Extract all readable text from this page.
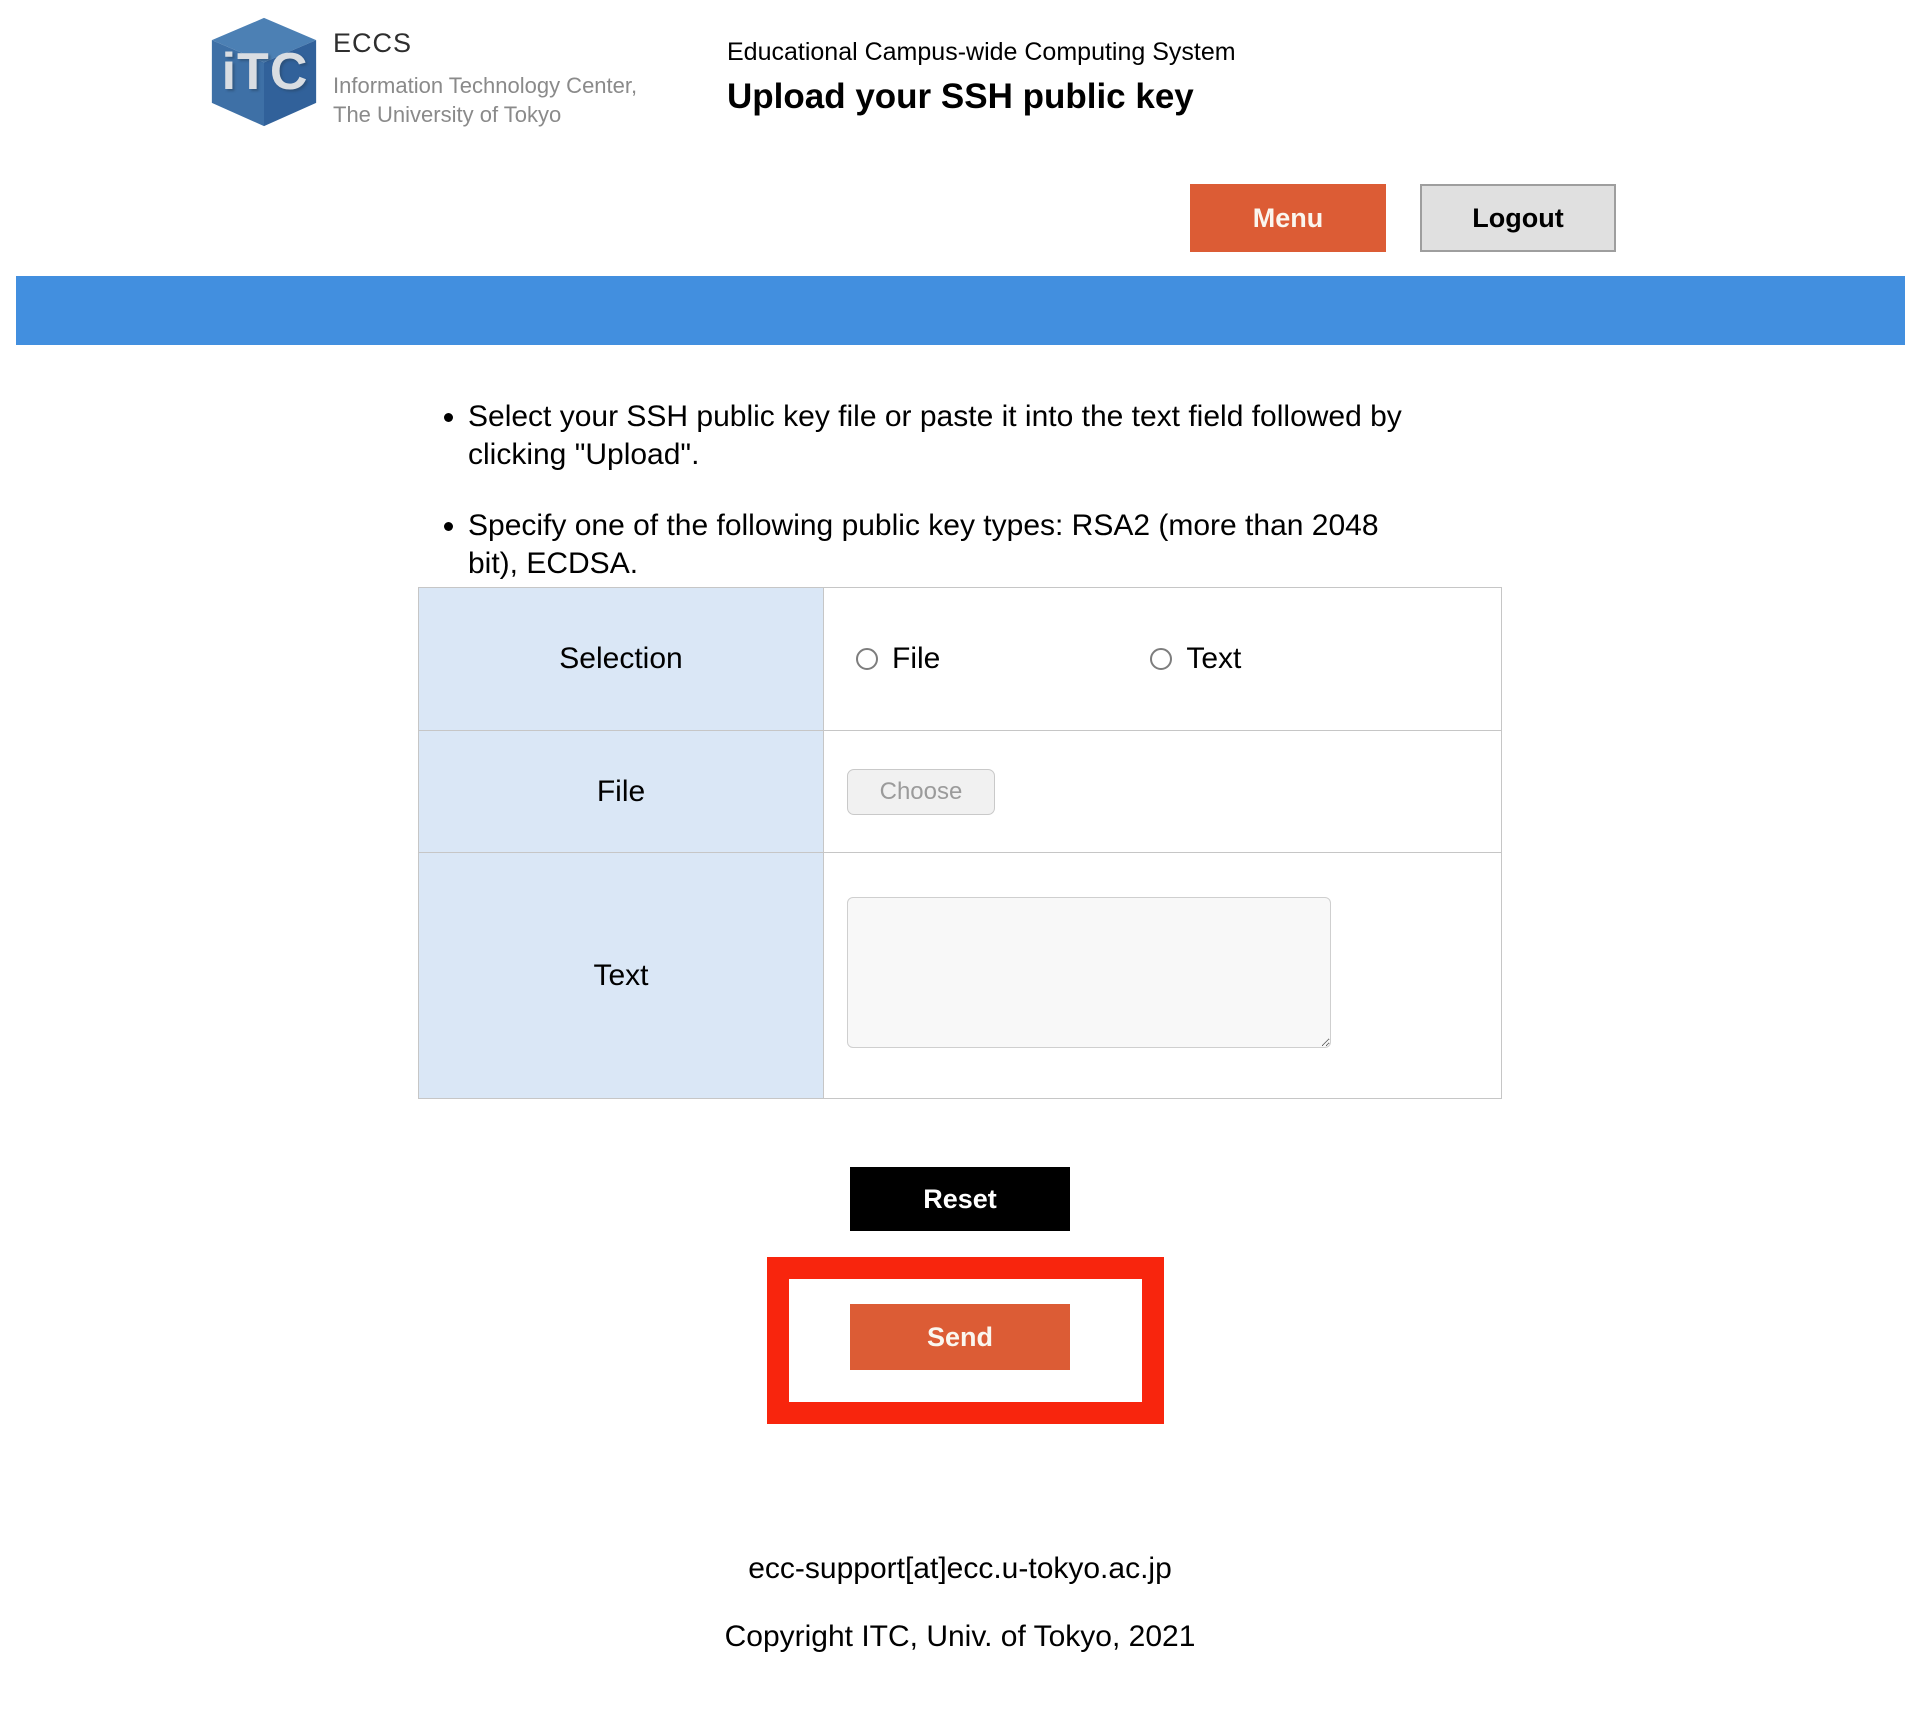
iTC ECCS
Information Technology Center,
The University of Tokyo
Educational Campus-wide Computing System
Upload your SSH public key
Menu	Logout
• Select your SSH public key file or paste it into the text field followed by
clicking "Upload".
• Specify one of the following public key types: RSA2 (more than 2048
bit), ECDSA.
Selection	File	Text
File	Choose
Text
Reset
Send
ecc-support[at]ecc.u-tokyo.ac.jp
Copyright ITC, Univ. of Tokyo, 2021
